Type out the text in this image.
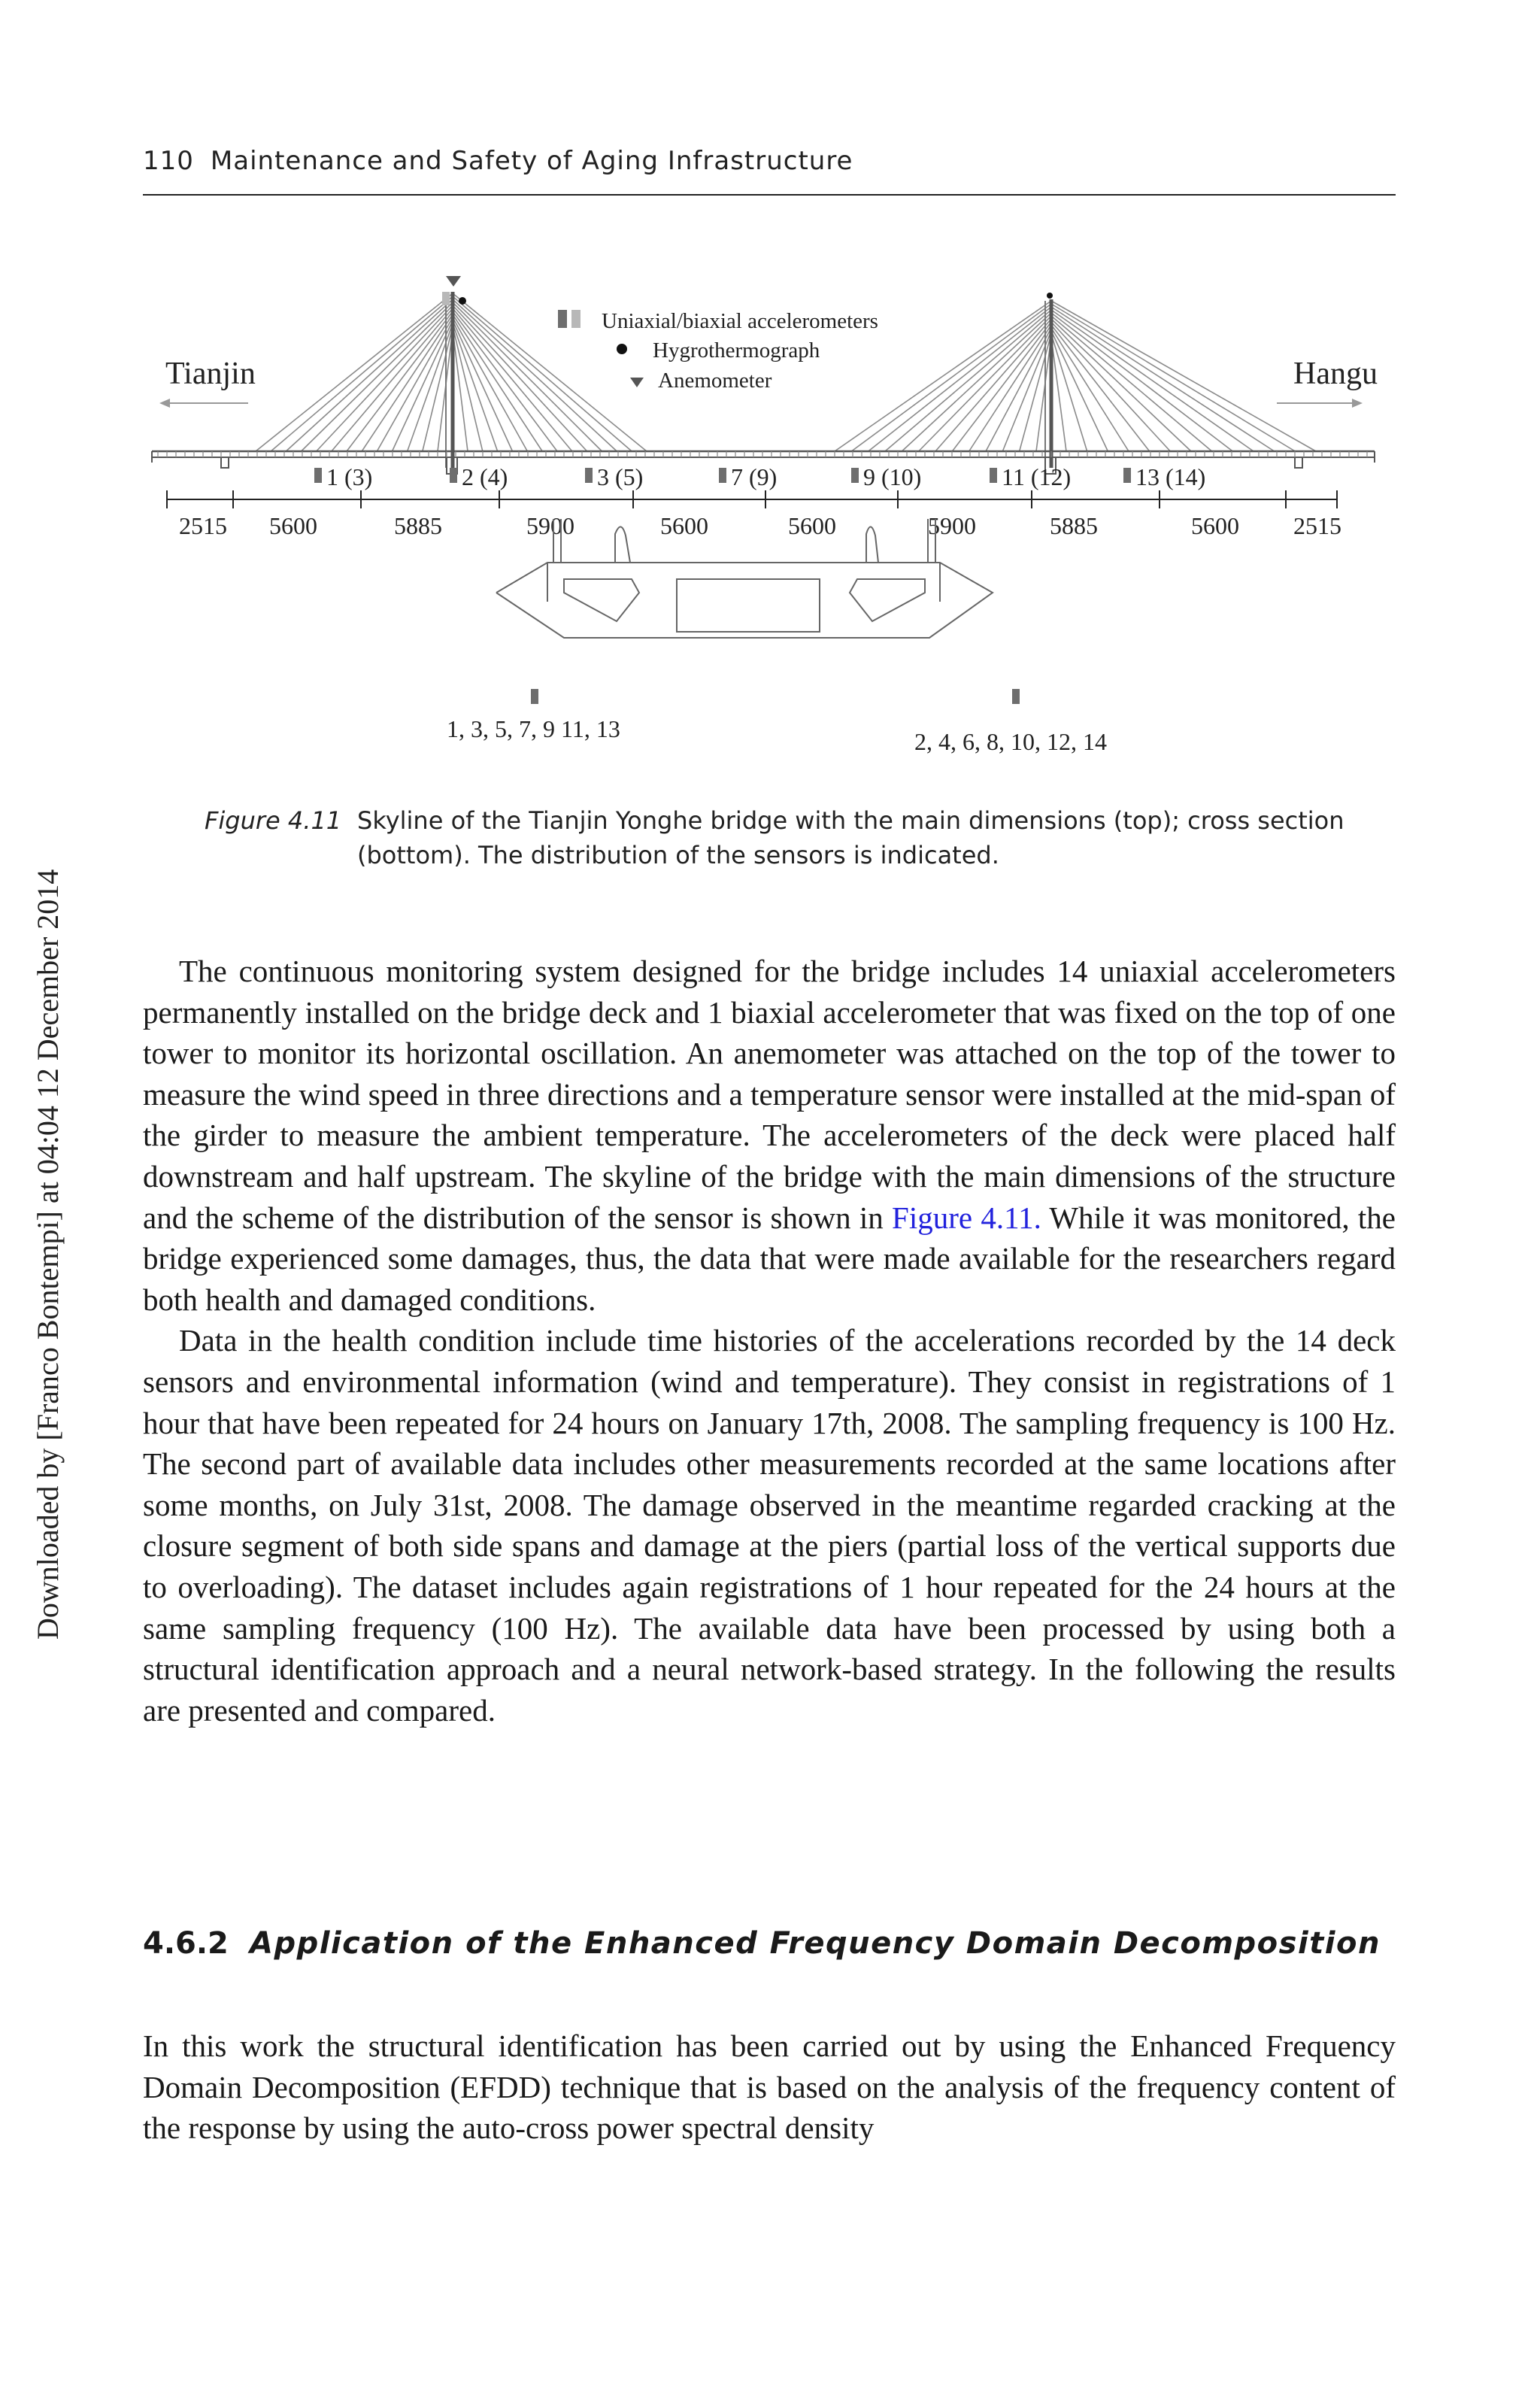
110 Maintenance and Safety of Aging Infrastructure
Downloaded by [Franco Bontempi] at 04:04 12 December 2014
Uniaxial/biaxial accelerometers
Hygrothermograph
Anemometer
Tianjin	Hangu
1 (3)	2 (4)	3 (5)	7 (9)	9 (10)	11 (12)	13 (14)
2515 5600	5885	5900	5600	5600	5900	5885	5600 2515
1, 3, 5, 7, 9 11, 13	2, 4, 6, 8, 10, 12, 14
Figure 4.11 Skyline of the Tianjin Yonghe bridge with the main dimensions (top); cross section (bottom). The distribution of the sensors is indicated.

The continuous monitoring system designed for the bridge includes 14 uniaxial accelerometers permanently installed on the bridge deck and 1 biaxial accelerometer that was fixed on the top of one tower to monitor its horizontal oscillation. An anemometer was attached on the top of the tower to measure the wind speed in three directions and a temperature sensor were installed at the mid-span of the girder to measure the ambient temperature. The accelerometers of the deck were placed half downstream and half upstream. The skyline of the bridge with the main dimensions of the structure and the scheme of the distribution of the sensor is shown in Figure 4.11. While it was monitored, the bridge experienced some damages, thus, the data that were made available for the researchers regard both health and damaged conditions.

Data in the health condition include time histories of the accelerations recorded by the 14 deck sensors and environmental information (wind and temperature). They consist in registrations of 1 hour that have been repeated for 24 hours on January 17th, 2008. The sampling frequency is 100 Hz. The second part of available data includes other measurements recorded at the same locations after some months, on July 31st, 2008. The damage observed in the meantime regarded cracking at the closure segment of both side spans and damage at the piers (partial loss of the vertical supports due to overloading). The dataset includes again registrations of 1 hour repeated for the 24 hours at the same sampling frequency (100 Hz). The available data have been processed by using both a structural identification approach and a neural network-based strategy. In the following the results are presented and compared.

4.6.2 Application of the Enhanced Frequency Domain Decomposition

In this work the structural identification has been carried out by using the Enhanced Frequency Domain Decomposition (EFDD) technique that is based on the analysis of the frequency content of the response by using the auto-cross power spectral density
